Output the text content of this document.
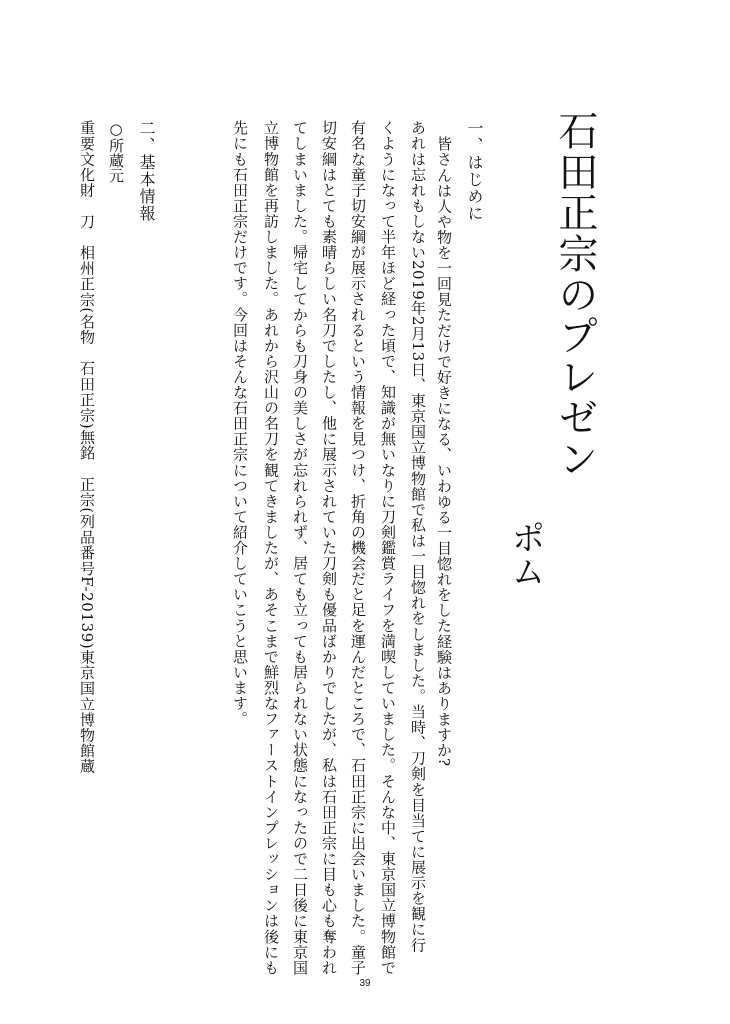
石田正宗のプレゼン
ポム
一、はじめに
皆さんは人や物を一回見ただけで好きになる、いわゆる一目惚れをした経験はありますか?
あれは忘れもしない2019年2月13日、東京国立博物館で私は一目惚れをしました。当時、刀剣を目当てに展示を観に行
くようになって半年ほど経った頃で、知識が無いなりに刀剣鑑賞ライフを満喫していました。そんな中、東京国立博物館で
有名な童子切安綱が展示されるという情報を見つけ、折角の機会だと足を運んだところで、石田正宗に出会いました。童子
切安綱はとても素晴らしい名刀でしたし、他に展示されていた刀剣も優品ばかりでしたが、私は石田正宗に目も心も奪われ
てしまいました。帰宅してからも刀身の美しさが忘れられず、居ても立っても居られない状態になったので二日後に東京国
立博物館を再訪しました。あれから沢山の名刀を観てきましたが、あそこまで鮮烈なファーストインプレッションは後にも
先にも石田正宗だけです。今回はそんな石田正宗について紹介していこうと思います。
二、基本情報
○所蔵元
重要文化財　刀　相州正宗(名物　石田正宗)無銘　正宗(列品番号F-20139)東京国立博物館蔵
39
